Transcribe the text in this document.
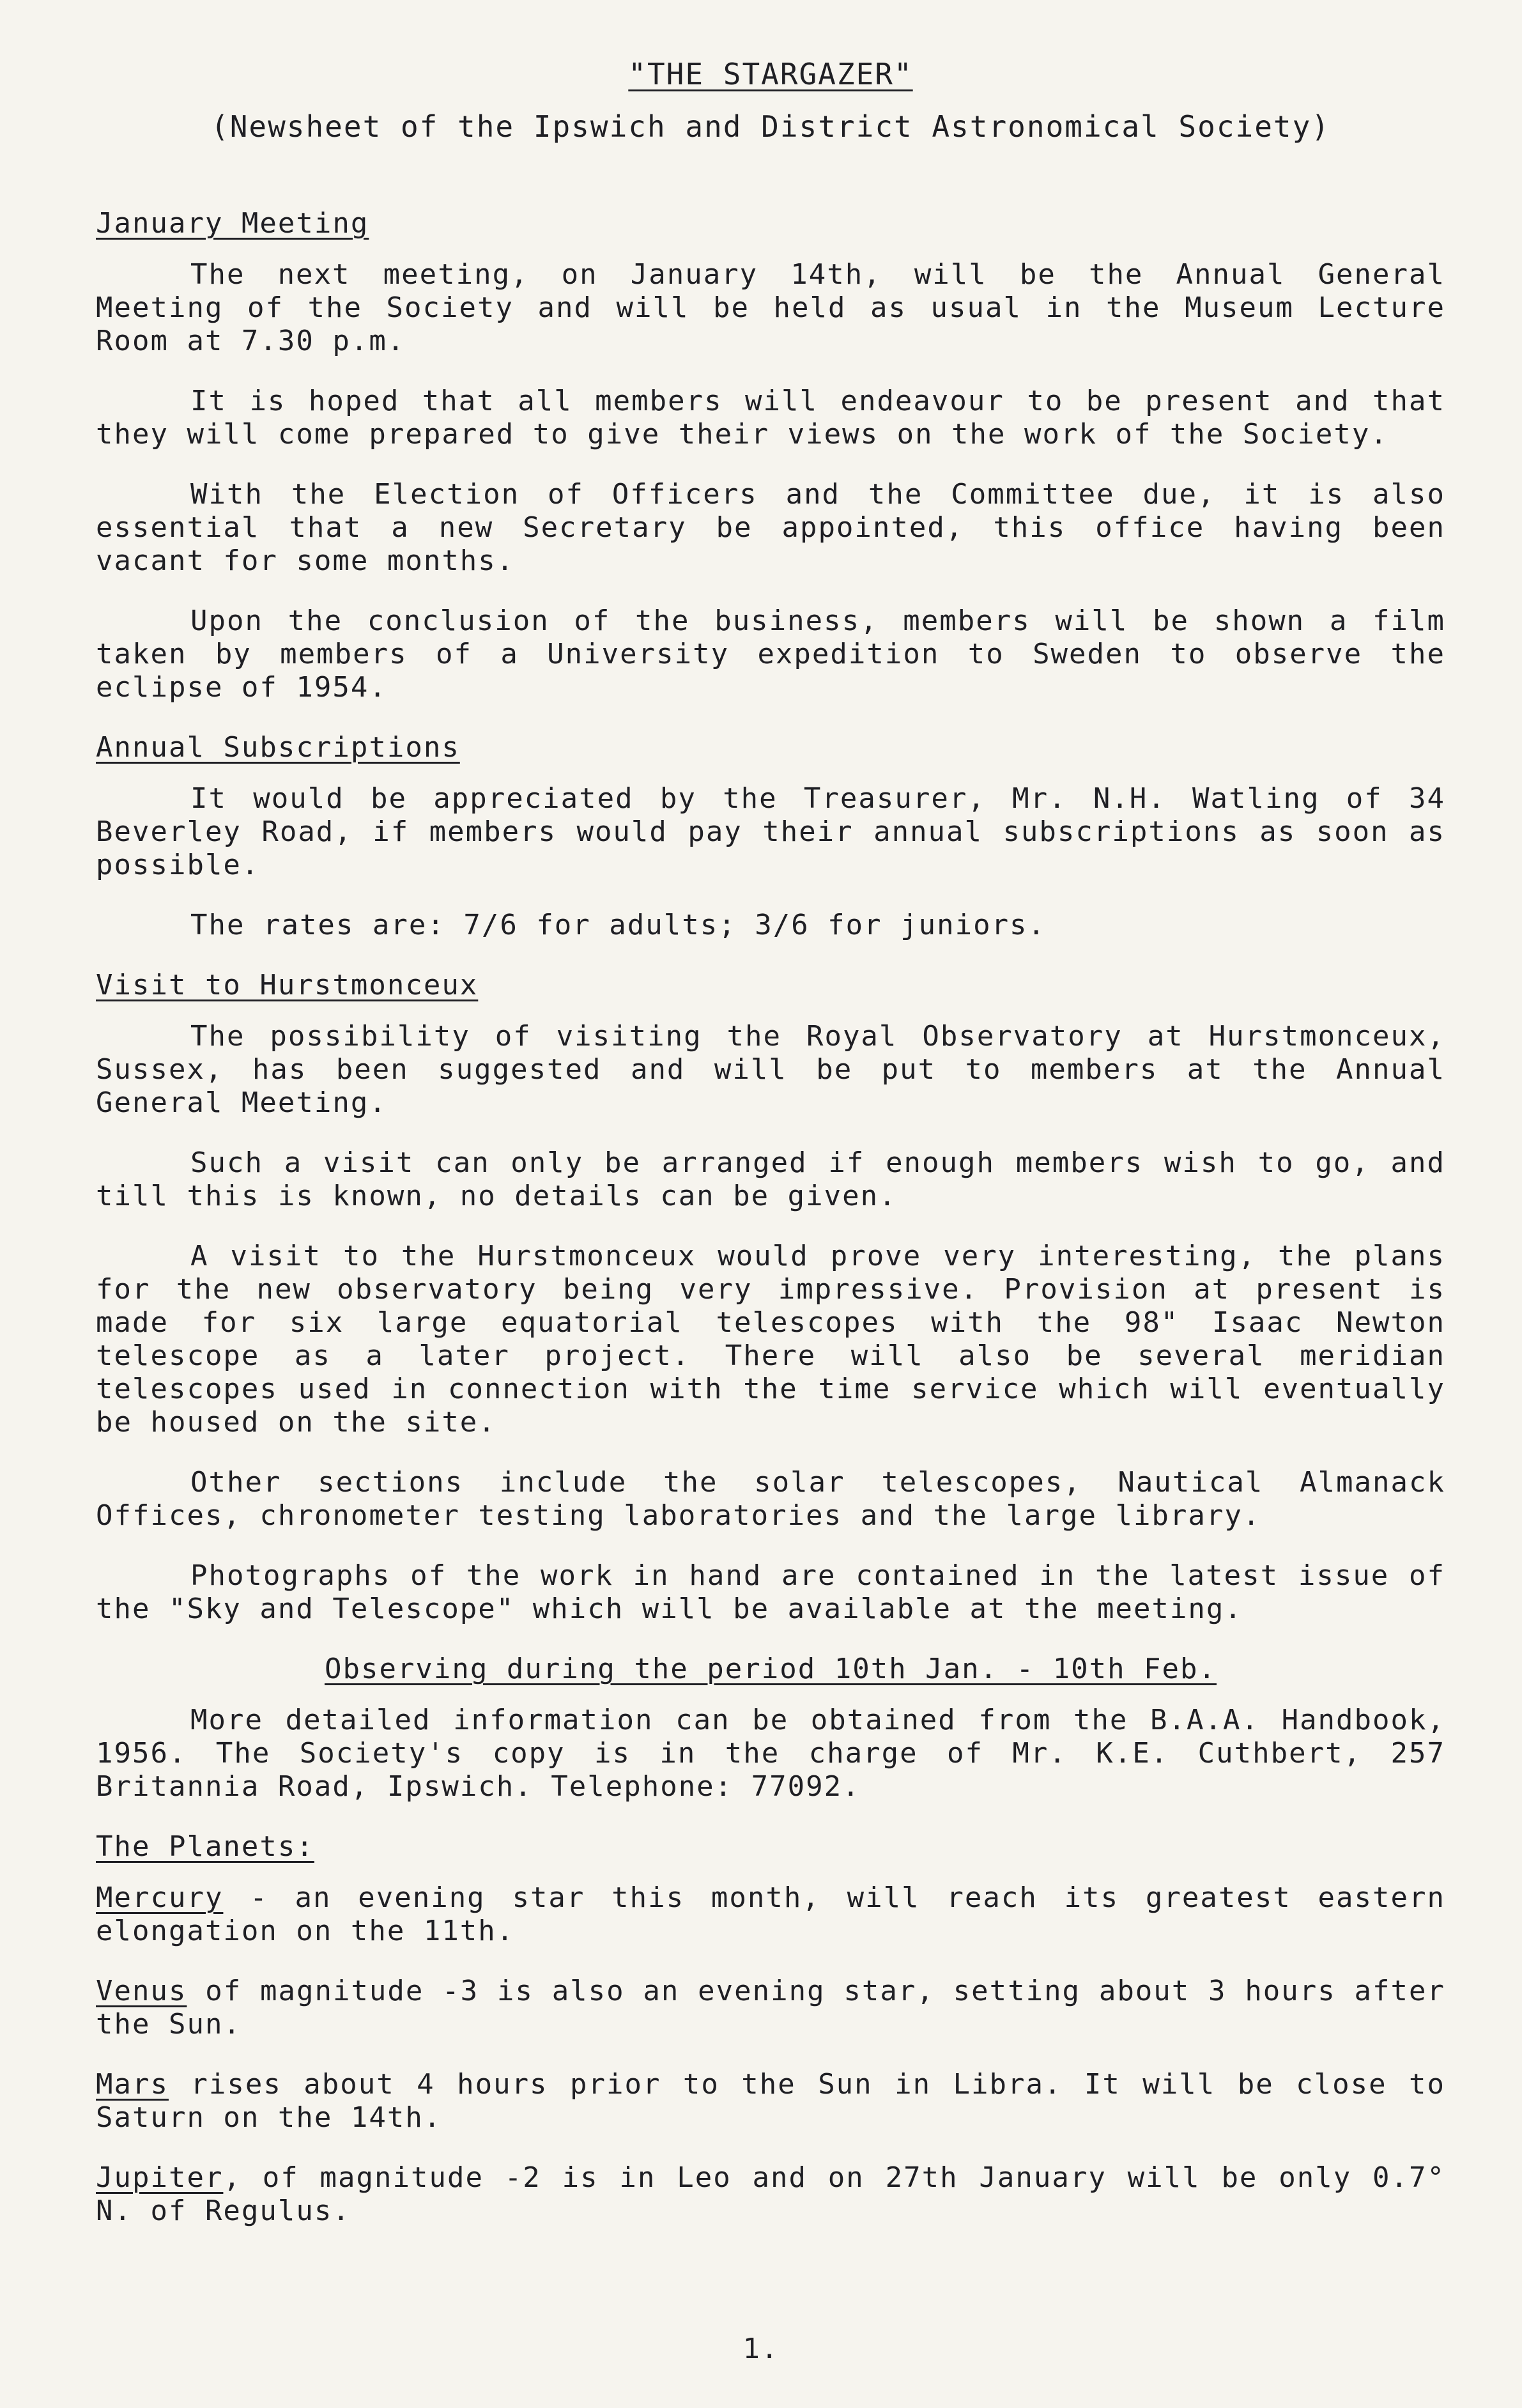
"THE STARGAZER"
(Newsheet of the Ipswich and District Astronomical Society)
January Meeting

The next meeting, on January 14th, will be the Annual General Meeting of the Society and will be held as usual in the Museum Lecture Room at 7.30 p.m.

It is hoped that all members will endeavour to be present and that they will come prepared to give their views on the work of the Society.

With the Election of Officers and the Committee due, it is also essential that a new Secretary be appointed, this office having been vacant for some months.

Upon the conclusion of the business, members will be shown a film taken by members of a University expedition to Sweden to observe the eclipse of 1954.

Annual Subscriptions

It would be appreciated by the Treasurer, Mr. N.H. Watling of 34 Beverley Road, if members would pay their annual subscriptions as soon as possible.

The rates are: 7/6 for adults; 3/6 for juniors.

Visit to Hurstmonceux

The possibility of visiting the Royal Observatory at Hurstmonceux, Sussex, has been suggested and will be put to members at the Annual General Meeting.

Such a visit can only be arranged if enough members wish to go, and till this is known, no details can be given.

A visit to the Hurstmonceux would prove very interesting, the plans for the new observatory being very impressive. Provision at present is made for six large equatorial telescopes with the 98" Isaac Newton telescope as a later project. There will also be several meridian telescopes used in connection with the time service which will eventually be housed on the site.

Other sections include the solar telescopes, Nautical Almanack Offices, chronometer testing laboratories and the large library.

Photographs of the work in hand are contained in the latest issue of the "Sky and Telescope" which will be available at the meeting.

Observing during the period 10th Jan. - 10th Feb.

More detailed information can be obtained from the B.A.A. Handbook, 1956. The Society's copy is in the charge of Mr. K.E. Cuthbert, 257 Britannia Road, Ipswich. Telephone: 77092.

The Planets:

Mercury - an evening star this month, will reach its greatest eastern elongation on the 11th.

Venus of magnitude -3 is also an evening star, setting about 3 hours after the Sun.

Mars rises about 4 hours prior to the Sun in Libra. It will be close to Saturn on the 14th.

Jupiter, of magnitude -2 is in Leo and on 27th January will be only 0.7° N. of Regulus.

1.
